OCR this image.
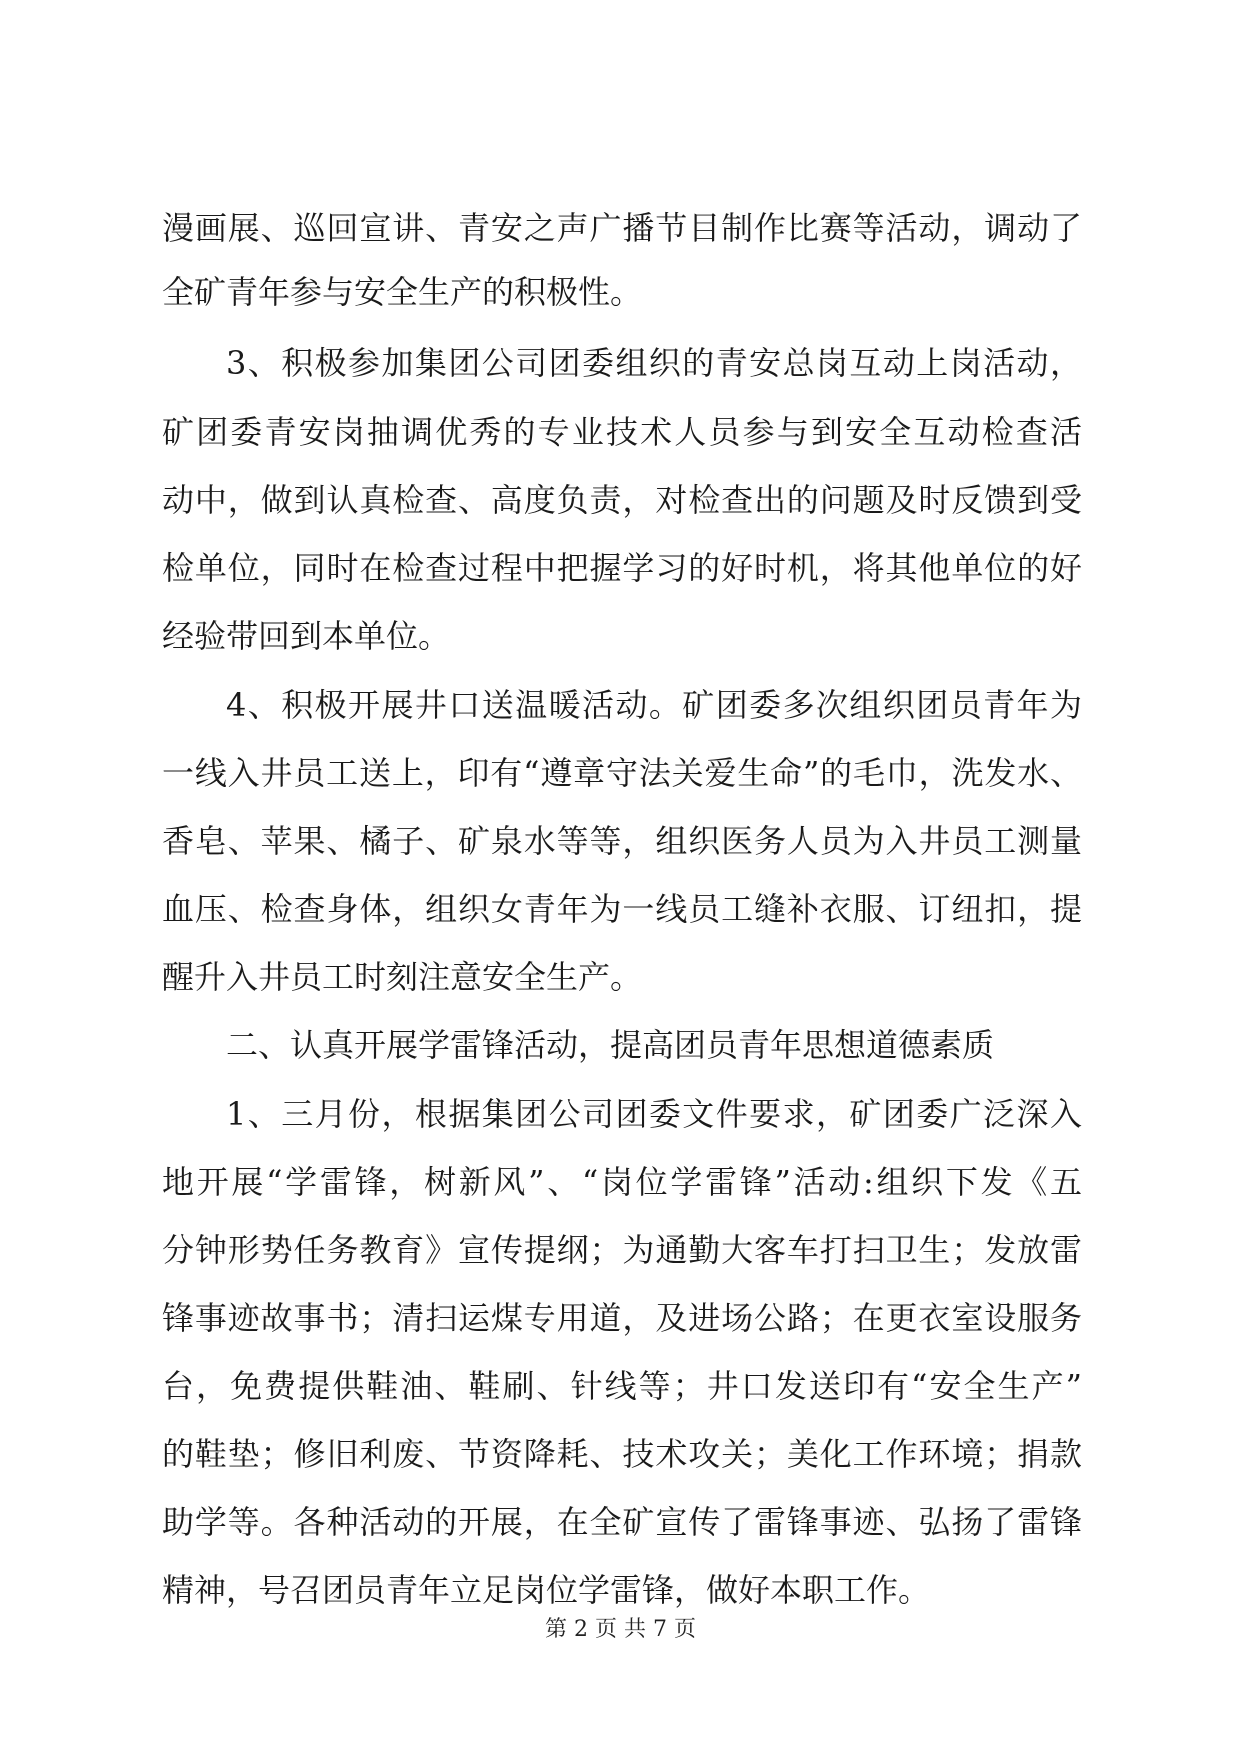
漫画展、巡回宣讲、青安之声广播节目制作比赛等活动，调动了
全矿青年参与安全生产的积极性。
3、积极参加集团公司团委组织的青安总岗互动上岗活动，
矿团委青安岗抽调优秀的专业技术人员参与到安全互动检查活
动中，做到认真检查、高度负责，对检查出的问题及时反馈到受
检单位，同时在检查过程中把握学习的好时机，将其他单位的好
经验带回到本单位。
4、积极开展井口送温暖活动。矿团委多次组织团员青年为
一线入井员工送上，印有“遵章守法关爱生命”的毛巾，洗发水、
香皂、苹果、橘子、矿泉水等等，组织医务人员为入井员工测量
血压、检查身体，组织女青年为一线员工缝补衣服、订纽扣，提
醒升入井员工时刻注意安全生产。
二、认真开展学雷锋活动，提高团员青年思想道德素质
1、三月份，根据集团公司团委文件要求，矿团委广泛深入
地开展“学雷锋，树新风”、“岗位学雷锋”活动:组织下发《五
分钟形势任务教育》宣传提纲；为通勤大客车打扫卫生；发放雷
锋事迹故事书；清扫运煤专用道，及进场公路；在更衣室设服务
台，免费提供鞋油、鞋刷、针线等；井口发送印有“安全生产”
的鞋垫；修旧利废、节资降耗、技术攻关；美化工作环境；捐款
助学等。各种活动的开展，在全矿宣传了雷锋事迹、弘扬了雷锋
精神，号召团员青年立足岗位学雷锋，做好本职工作。
第 2 页 共 7 页
